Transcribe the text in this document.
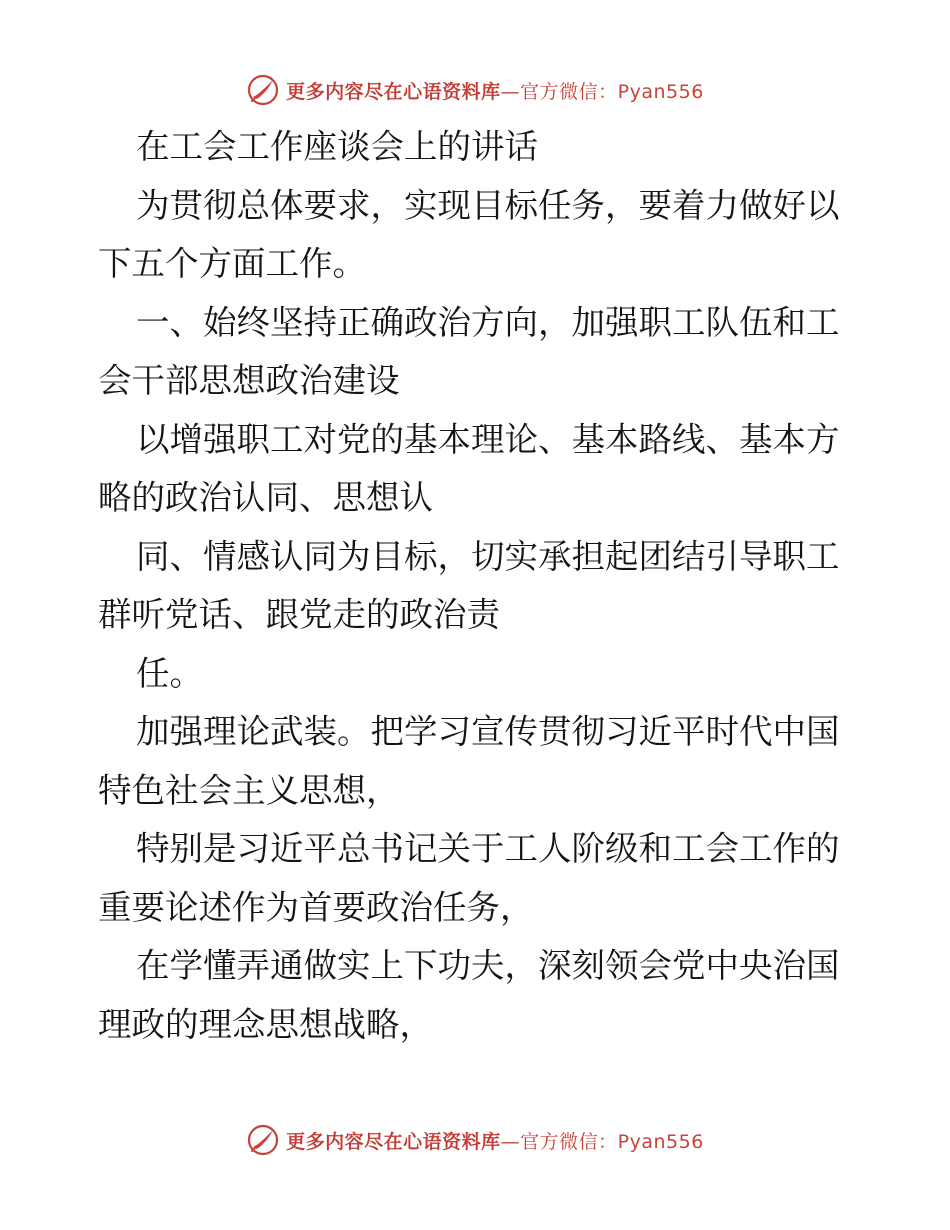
更多内容尽在心语资料库—官方微信：Pyan556
在工会工作座谈会上的讲话
为贯彻总体要求，实现目标任务，要着力做好以
下五个方面工作。
一、始终坚持正确政治方向，加强职工队伍和工
会干部思想政治建设
以增强职工对党的基本理论、基本路线、基本方
略的政治认同、思想认
同、情感认同为目标，切实承担起团结引导职工
群听党话、跟党走的政治责
任。
加强理论武装。把学习宣传贯彻习近平时代中国
特色社会主义思想，
特别是习近平总书记关于工人阶级和工会工作的
重要论述作为首要政治任务，
在学懂弄通做实上下功夫，深刻领会党中央治国
理政的理念思想战略，
更多内容尽在心语资料库—官方微信：Pyan556
